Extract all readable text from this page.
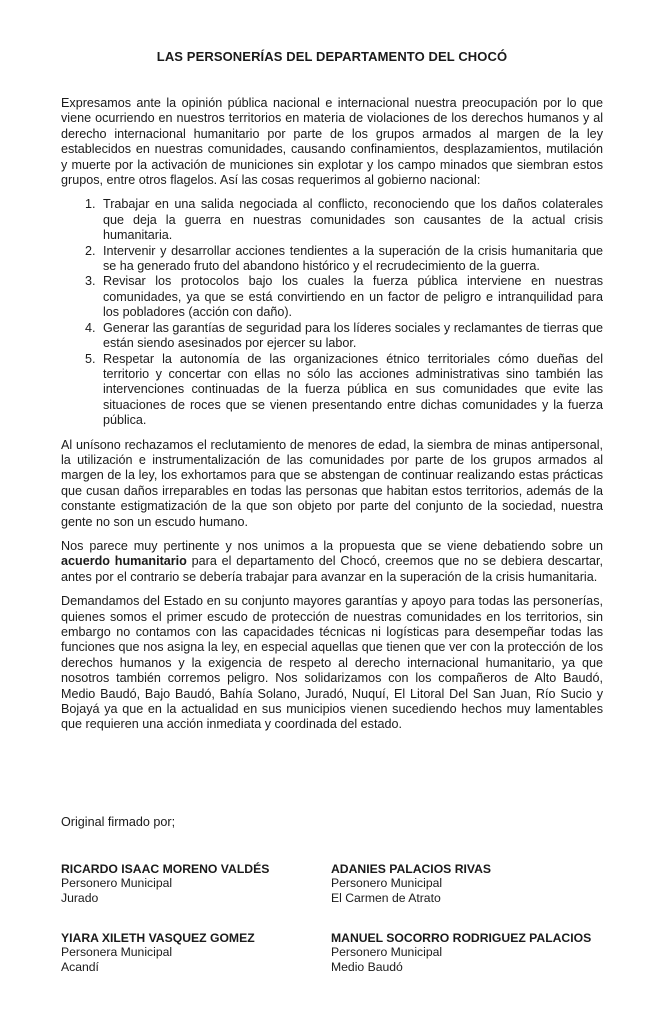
LAS PERSONERÍAS DEL DEPARTAMENTO DEL CHOCÓ

Expresamos ante la opinión pública nacional e internacional nuestra preocupación por lo que viene ocurriendo en nuestros territorios en materia de violaciones de los derechos humanos y al derecho internacional humanitario por parte de los grupos armados al margen de la ley establecidos en nuestras comunidades, causando confinamientos, desplazamientos, mutilación y muerte por la activación de municiones sin explotar y los campo minados que siembran estos grupos, entre otros flagelos. Así las cosas requerimos al gobierno nacional:

1. Trabajar en una salida negociada al conflicto, reconociendo que los daños colaterales que deja la guerra en nuestras comunidades son causantes de la actual crisis humanitaria.
2. Intervenir y desarrollar acciones tendientes a la superación de la crisis humanitaria que se ha generado fruto del abandono histórico y el recrudecimiento de la guerra.
3. Revisar los protocolos bajo los cuales la fuerza pública interviene en nuestras comunidades, ya que se está convirtiendo en un factor de peligro e intranquilidad para los pobladores (acción con daño).
4. Generar las garantías de seguridad para los líderes sociales y reclamantes de tierras que están siendo asesinados por ejercer su labor.
5. Respetar la autonomía de las organizaciones étnico territoriales cómo dueñas del territorio y concertar con ellas no sólo las acciones administrativas sino también las intervenciones continuadas de la fuerza pública en sus comunidades que evite las situaciones de roces que se vienen presentando entre dichas comunidades y la fuerza pública.

Al unísono rechazamos el reclutamiento de menores de edad, la siembra de minas antipersonal, la utilización e instrumentalización de las comunidades por parte de los grupos armados al margen de la ley, los exhortamos para que se abstengan de continuar realizando estas prácticas que cusan daños irreparables en todas las personas que habitan estos territorios, además de la constante estigmatización de la que son objeto por parte del conjunto de la sociedad, nuestra gente no son un escudo humano.

Nos parece muy pertinente y nos unimos a la propuesta que se viene debatiendo sobre un acuerdo humanitario para el departamento del Chocó, creemos que no se debiera descartar, antes por el contrario se debería trabajar para avanzar en la superación de la crisis humanitaria.

Demandamos del Estado en su conjunto mayores garantías y apoyo para todas las personerías, quienes somos el primer escudo de protección de nuestras comunidades en los territorios, sin embargo no contamos con las capacidades técnicas ni logísticas para desempeñar todas las funciones que nos asigna la ley, en especial aquellas que tienen que ver con la protección de los derechos humanos y la exigencia de respeto al derecho internacional humanitario, ya que nosotros también corremos peligro. Nos solidarizamos con los compañeros de Alto Baudó, Medio Baudó, Bajo Baudó, Bahía Solano, Juradó, Nuquí, El Litoral Del San Juan, Río Sucio y Bojayá ya que en la actualidad en sus municipios vienen sucediendo hechos muy lamentables que requieren una acción inmediata y coordinada del estado.

Original firmado por;
RICARDO ISAAC MORENO VALDÉS
Personero Municipal
Jurado
ADANIES PALACIOS RIVAS
Personero Municipal
El Carmen de Atrato
YIARA XILETH VASQUEZ GOMEZ
Personera Municipal
Acandí
MANUEL SOCORRO RODRIGUEZ PALACIOS
Personero Municipal
Medio Baudó
